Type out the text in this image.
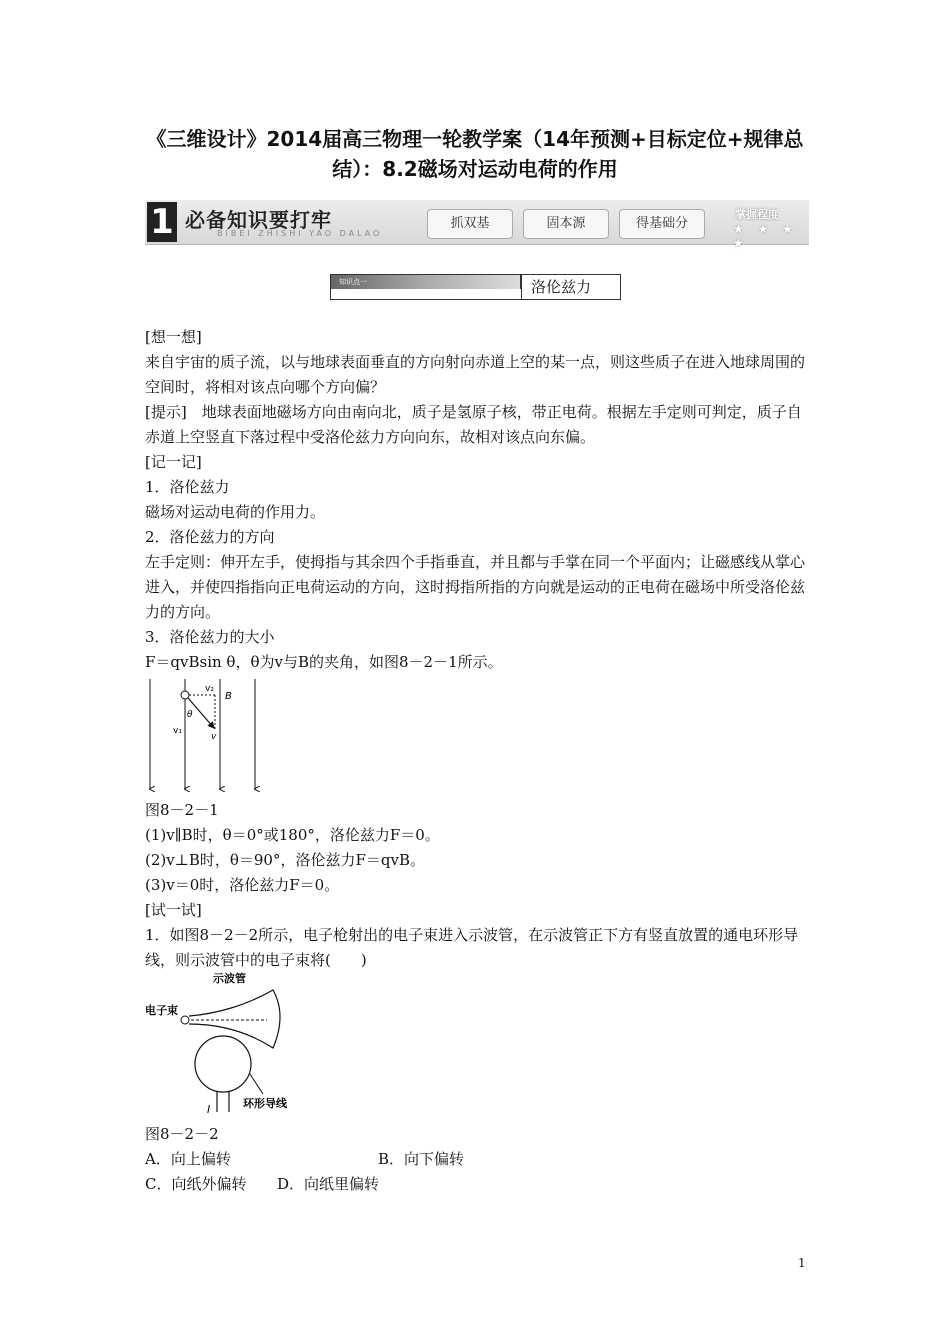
《三维设计》2014届高三物理一轮教学案（14年预测+目标定位+规律总结）：8.2磁场对运动电荷的作用
1 必备知识要打牢
BIBEI ZHISHI YAO DALAO
抓双基	固本源	得基础分
掌握程度
★ ★ ★ ★
知识点一	洛伦兹力

[想一想]

来自宇宙的质子流，以与地球表面垂直的方向射向赤道上空的某一点，则这些质子在进入地球周围的空间时，将相对该点向哪个方向偏？

[提示]　 地球表面地磁场方向由南向北，质子是氢原子核，带正电荷。根据左手定则可判定，质子自赤道上空竖直下落过程中受洛伦兹力方向向东，故相对该点向东偏。

[记一记]

1．洛伦兹力

磁场对运动电荷的作用力。

2．洛伦兹力的方向

左手定则：伸开左手，使拇指与其余四个手指垂直，并且都与手掌在同一个平面内；让磁感线从掌心进入，并使四指指向正电荷运动的方向，这时拇指所指的方向就是运动的正电荷在磁场中所受洛伦兹力的方向。

3．洛伦兹力的大小

F＝qvBsin θ，θ为v与B的夹角，如图8－2－1所示。

v₂
B
θ
v₁
v
图8－2－1

(1)v∥B时，θ＝0°或180°，洛伦兹力F＝0。

(2)v⊥B时，θ＝90°，洛伦兹力F＝qvB。

(3)v＝0时，洛伦兹力F＝0。

[试一试]

1．如图8－2－2所示，电子枪射出的电子束进入示波管，在示波管正下方有竖直放置的通电环形导线，则示波管中的电子束将(　　)

示波管
电子束
I	环形导线
图8－2－2
A．向上偏转	B．向下偏转
C．向纸外偏转 D．向纸里偏转
1
